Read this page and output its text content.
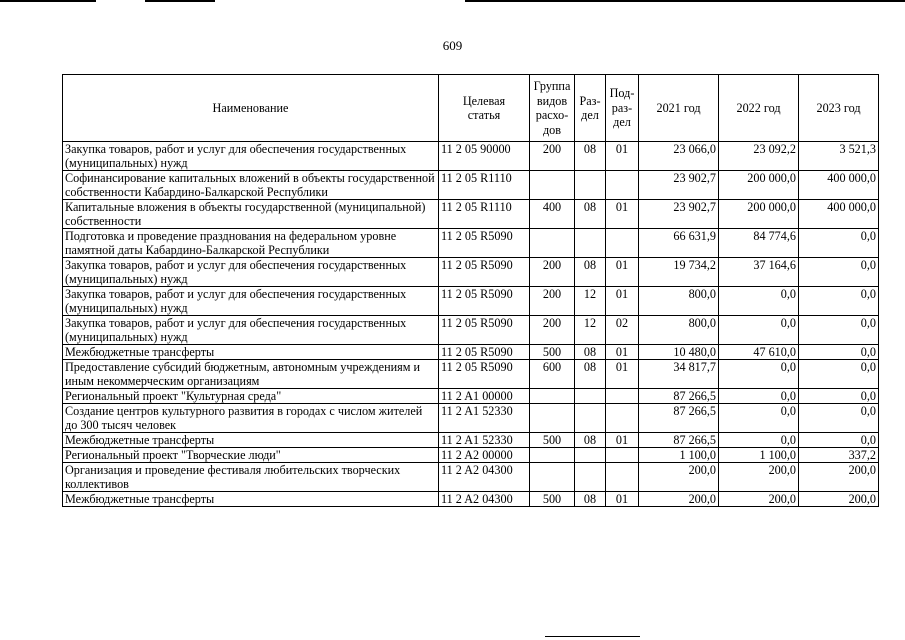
609
Наименование	Целевая статья	Группа видов расхо-дов	Раз-дел	Под-раз-дел	2021 год	2022 год	2023 год
Закупка товаров, работ и услуг для обеспечения государственных (муниципальных) нужд	11 2 05 90000	200	08	01	23 066,0	23 092,2	3 521,3
Софинансирование капитальных вложений в объекты государственной собственности Кабардино-Балкарской Республики	11 2 05 R1110				23 902,7	200 000,0	400 000,0
Капитальные вложения в объекты государственной (муниципальной) собственности	11 2 05 R1110	400	08	01	23 902,7	200 000,0	400 000,0
Подготовка и проведение празднования на федеральном уровне памятной даты Кабардино-Балкарской Республики	11 2 05 R5090				66 631,9	84 774,6	0,0
Закупка товаров, работ и услуг для обеспечения государственных (муниципальных) нужд	11 2 05 R5090	200	08	01	19 734,2	37 164,6	0,0
Закупка товаров, работ и услуг для обеспечения государственных (муниципальных) нужд	11 2 05 R5090	200	12	01	800,0	0,0	0,0
Закупка товаров, работ и услуг для обеспечения государственных (муниципальных) нужд	11 2 05 R5090	200	12	02	800,0	0,0	0,0
Межбюджетные трансферты	11 2 05 R5090	500	08	01	10 480,0	47 610,0	0,0
Предоставление субсидий бюджетным, автономным учреждениям и иным некоммерческим организациям	11 2 05 R5090	600	08	01	34 817,7	0,0	0,0
Региональный проект "Культурная среда"	11 2 A1 00000				87 266,5	0,0	0,0
Создание центров культурного развития в городах с числом жителей до 300 тысяч человек	11 2 A1 52330				87 266,5	0,0	0,0
Межбюджетные трансферты	11 2 A1 52330	500	08	01	87 266,5	0,0	0,0
Региональный проект "Творческие люди"	11 2 A2 00000				1 100,0	1 100,0	337,2
Организация и проведение фестиваля любительских творческих коллективов	11 2 A2 04300				200,0	200,0	200,0
Межбюджетные трансферты	11 2 A2 04300	500	08	01	200,0	200,0	200,0
